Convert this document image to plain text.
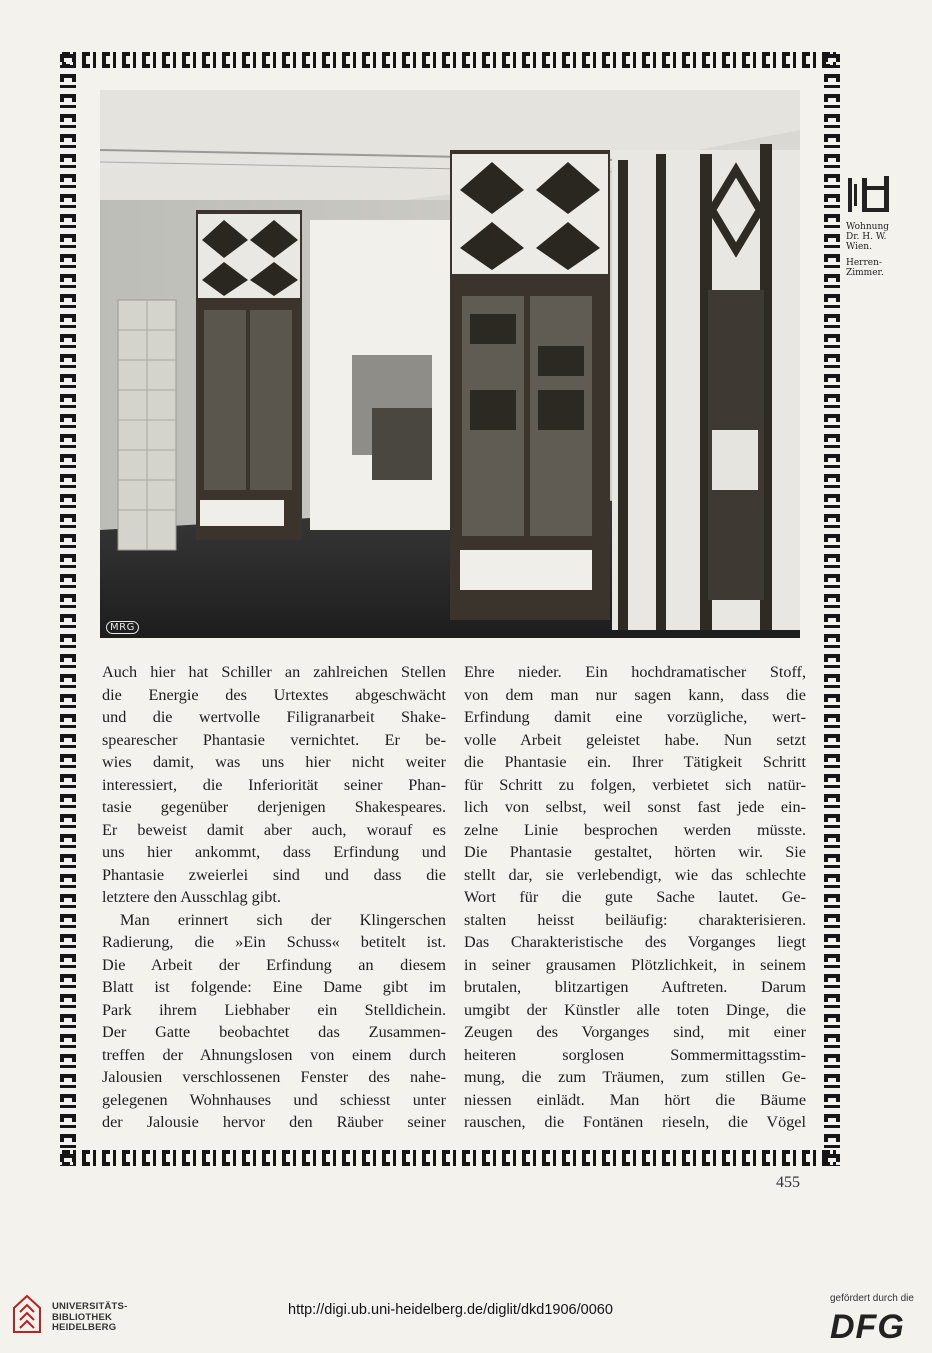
MRG
Wohnung
Dr. H. W.
Wien.
Herren-
Zimmer.

Auch hier hat Schiller an zahlreichen Stellen
die Energie des Urtextes abgeschwächt
und die wertvolle Filigranarbeit Shake-
spearescher Phantasie vernichtet. Er be-
wies damit, was uns hier nicht weiter
interessiert, die Inferiorität seiner Phan-
tasie gegenüber derjenigen Shakespeares.
Er beweist damit aber auch, worauf es
uns hier ankommt, dass Erfindung und
Phantasie zweierlei sind und dass die
letztere den Ausschlag gibt.

Man erinnert sich der Klingerschen
Radierung, die »Ein Schuss« betitelt ist.
Die Arbeit der Erfindung an diesem
Blatt ist folgende: Eine Dame gibt im
Park ihrem Liebhaber ein Stelldichein.
Der Gatte beobachtet das Zusammen-
treffen der Ahnungslosen von einem durch
Jalousien verschlossenen Fenster des nahe-
gelegenen Wohnhauses und schiesst unter
der Jalousie hervor den Räuber seiner

Ehre nieder. Ein hochdramatischer Stoff,
von dem man nur sagen kann, dass die
Erfindung damit eine vorzügliche, wert-
volle Arbeit geleistet habe. Nun setzt
die Phantasie ein. Ihrer Tätigkeit Schritt
für Schritt zu folgen, verbietet sich natür-
lich von selbst, weil sonst fast jede ein-
zelne Linie besprochen werden müsste.
Die Phantasie gestaltet, hörten wir. Sie
stellt dar, sie verlebendigt, wie das schlechte
Wort für die gute Sache lautet. Ge-
stalten heisst beiläufig: charakterisieren.
Das Charakteristische des Vorganges liegt
in seiner grausamen Plötzlichkeit, in seinem
brutalen, blitzartigen Auftreten. Darum
umgibt der Künstler alle toten Dinge, die
Zeugen des Vorganges sind, mit einer
heiteren sorglosen Sommermittagsstim-
mung, die zum Träumen, zum stillen Ge-
niessen einlädt. Man hört die Bäume
rauschen, die Fontänen rieseln, die Vögel

455
UNIVERSITÄTS-
BIBLIOTHEK
HEIDELBERG
http://digi.ub.uni-heidelberg.de/diglit/dkd1906/0060
gefördert durch die
DFG
